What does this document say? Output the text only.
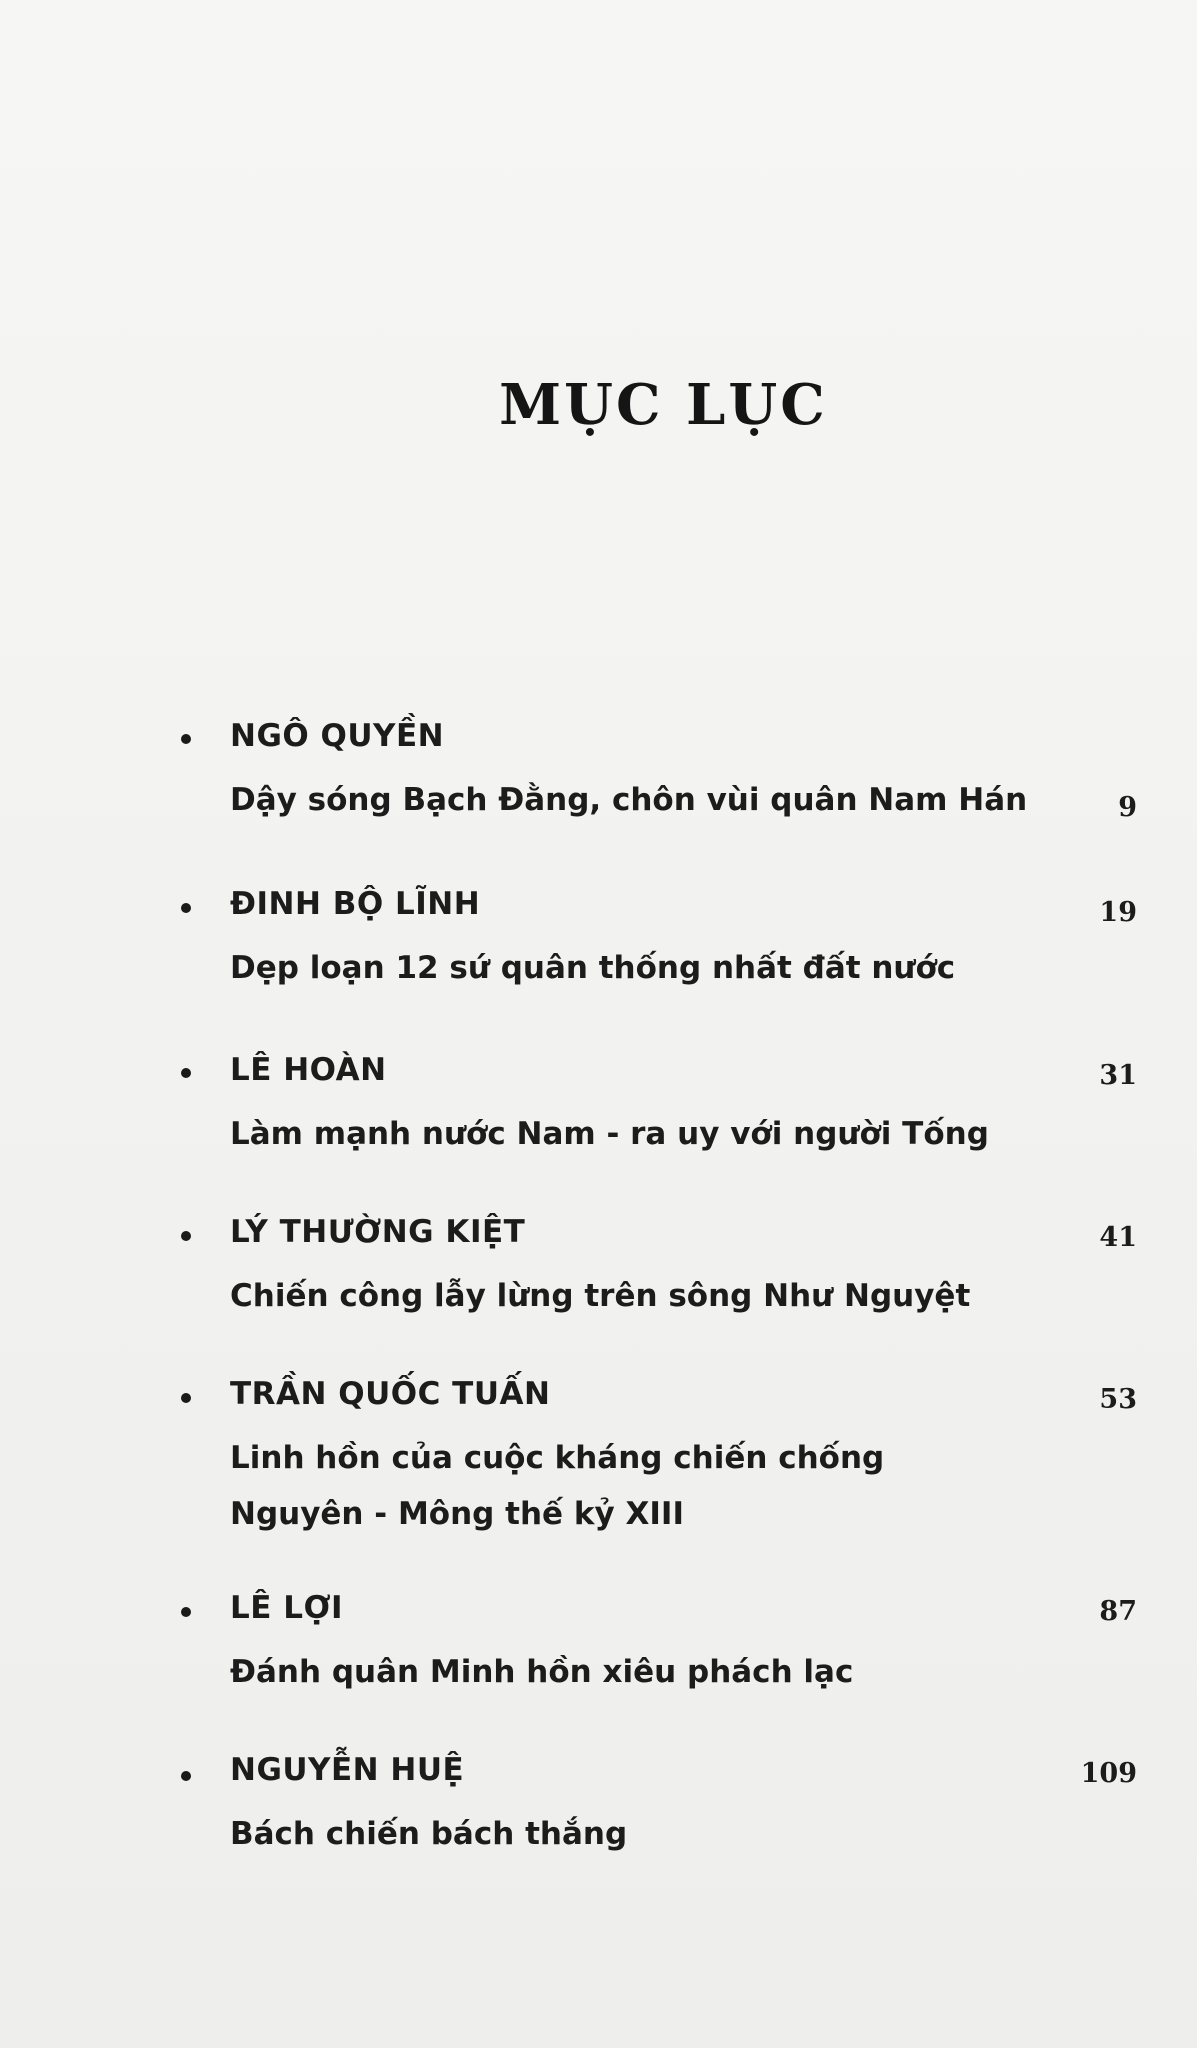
MỤC LỤC
NGÔ QUYỀN
Dậy sóng Bạch Đằng, chôn vùi quân Nam Hán	9
ĐINH BỘ LĨNH
Dẹp loạn 12 sứ quân thống nhất đất nước
19
LÊ HOÀN
Làm mạnh nước Nam - ra uy với người Tống
31
LÝ THƯỜNG KIỆT
Chiến công lẫy lừng trên sông Như Nguyệt
41
TRẦN QUỐC TUẤN
Linh hồn của cuộc kháng chiến chống
Nguyên - Mông thế kỷ XIII
53
LÊ LỢI
Đánh quân Minh hồn xiêu phách lạc
87
NGUYỄN HUỆ
Bách chiến bách thắng
109
